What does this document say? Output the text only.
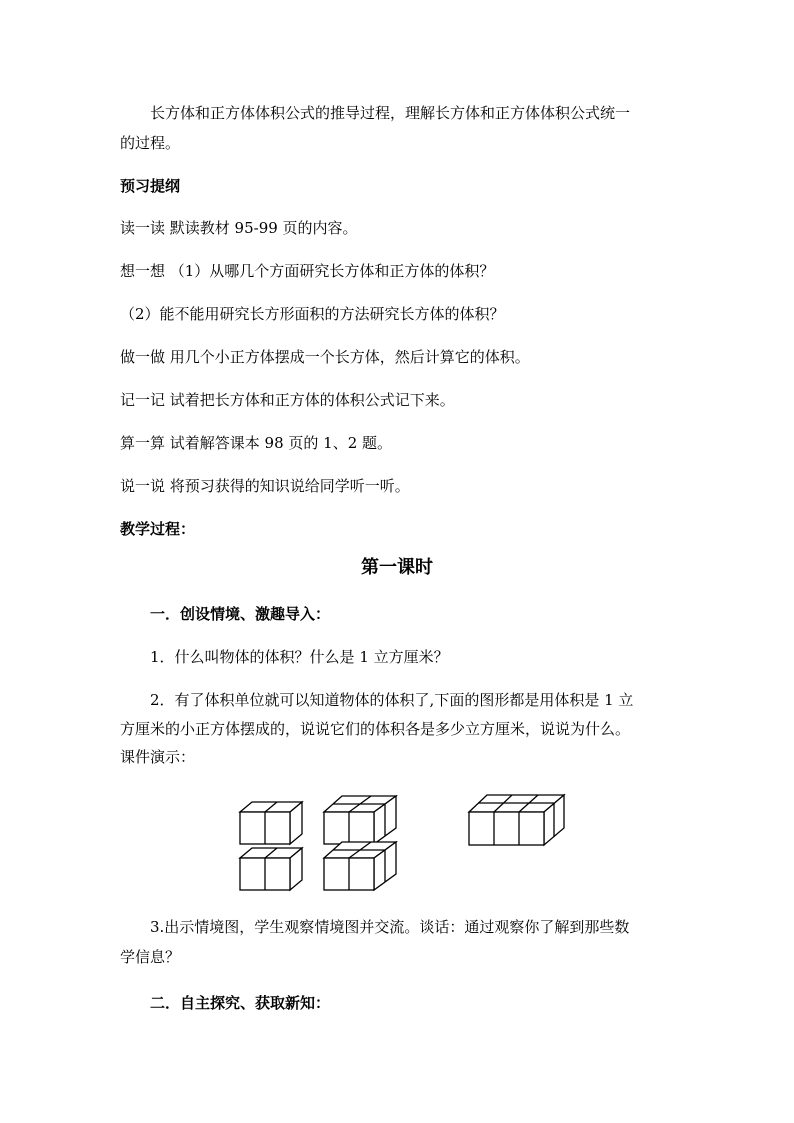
长方体和正方体体积公式的推导过程，理解长方体和正方体体积公式统一
的过程。
预习提纲
读一读 默读教材 95-99 页的内容。
想一想 （1）从哪几个方面研究长方体和正方体的体积？
（2）能不能用研究长方形面积的方法研究长方体的体积？
做一做 用几个小正方体摆成一个长方体，然后计算它的体积。
记一记 试着把长方体和正方体的体积公式记下来。
算一算 试着解答课本 98 页的 1、2 题。
说一说 将预习获得的知识说给同学听一听。
教学过程：
第一课时
一．创设情境、激趣导入：
1．什么叫物体的体积？什么是 1 立方厘米？
2．有了体积单位就可以知道物体的体积了,下面的图形都是用体积是 1 立
方厘米的小正方体摆成的，说说它们的体积各是多少立方厘米，说说为什么。
课件演示：
3.出示情境图，学生观察情境图并交流。谈话：通过观察你了解到那些数
学信息？
二．自主探究、获取新知：
